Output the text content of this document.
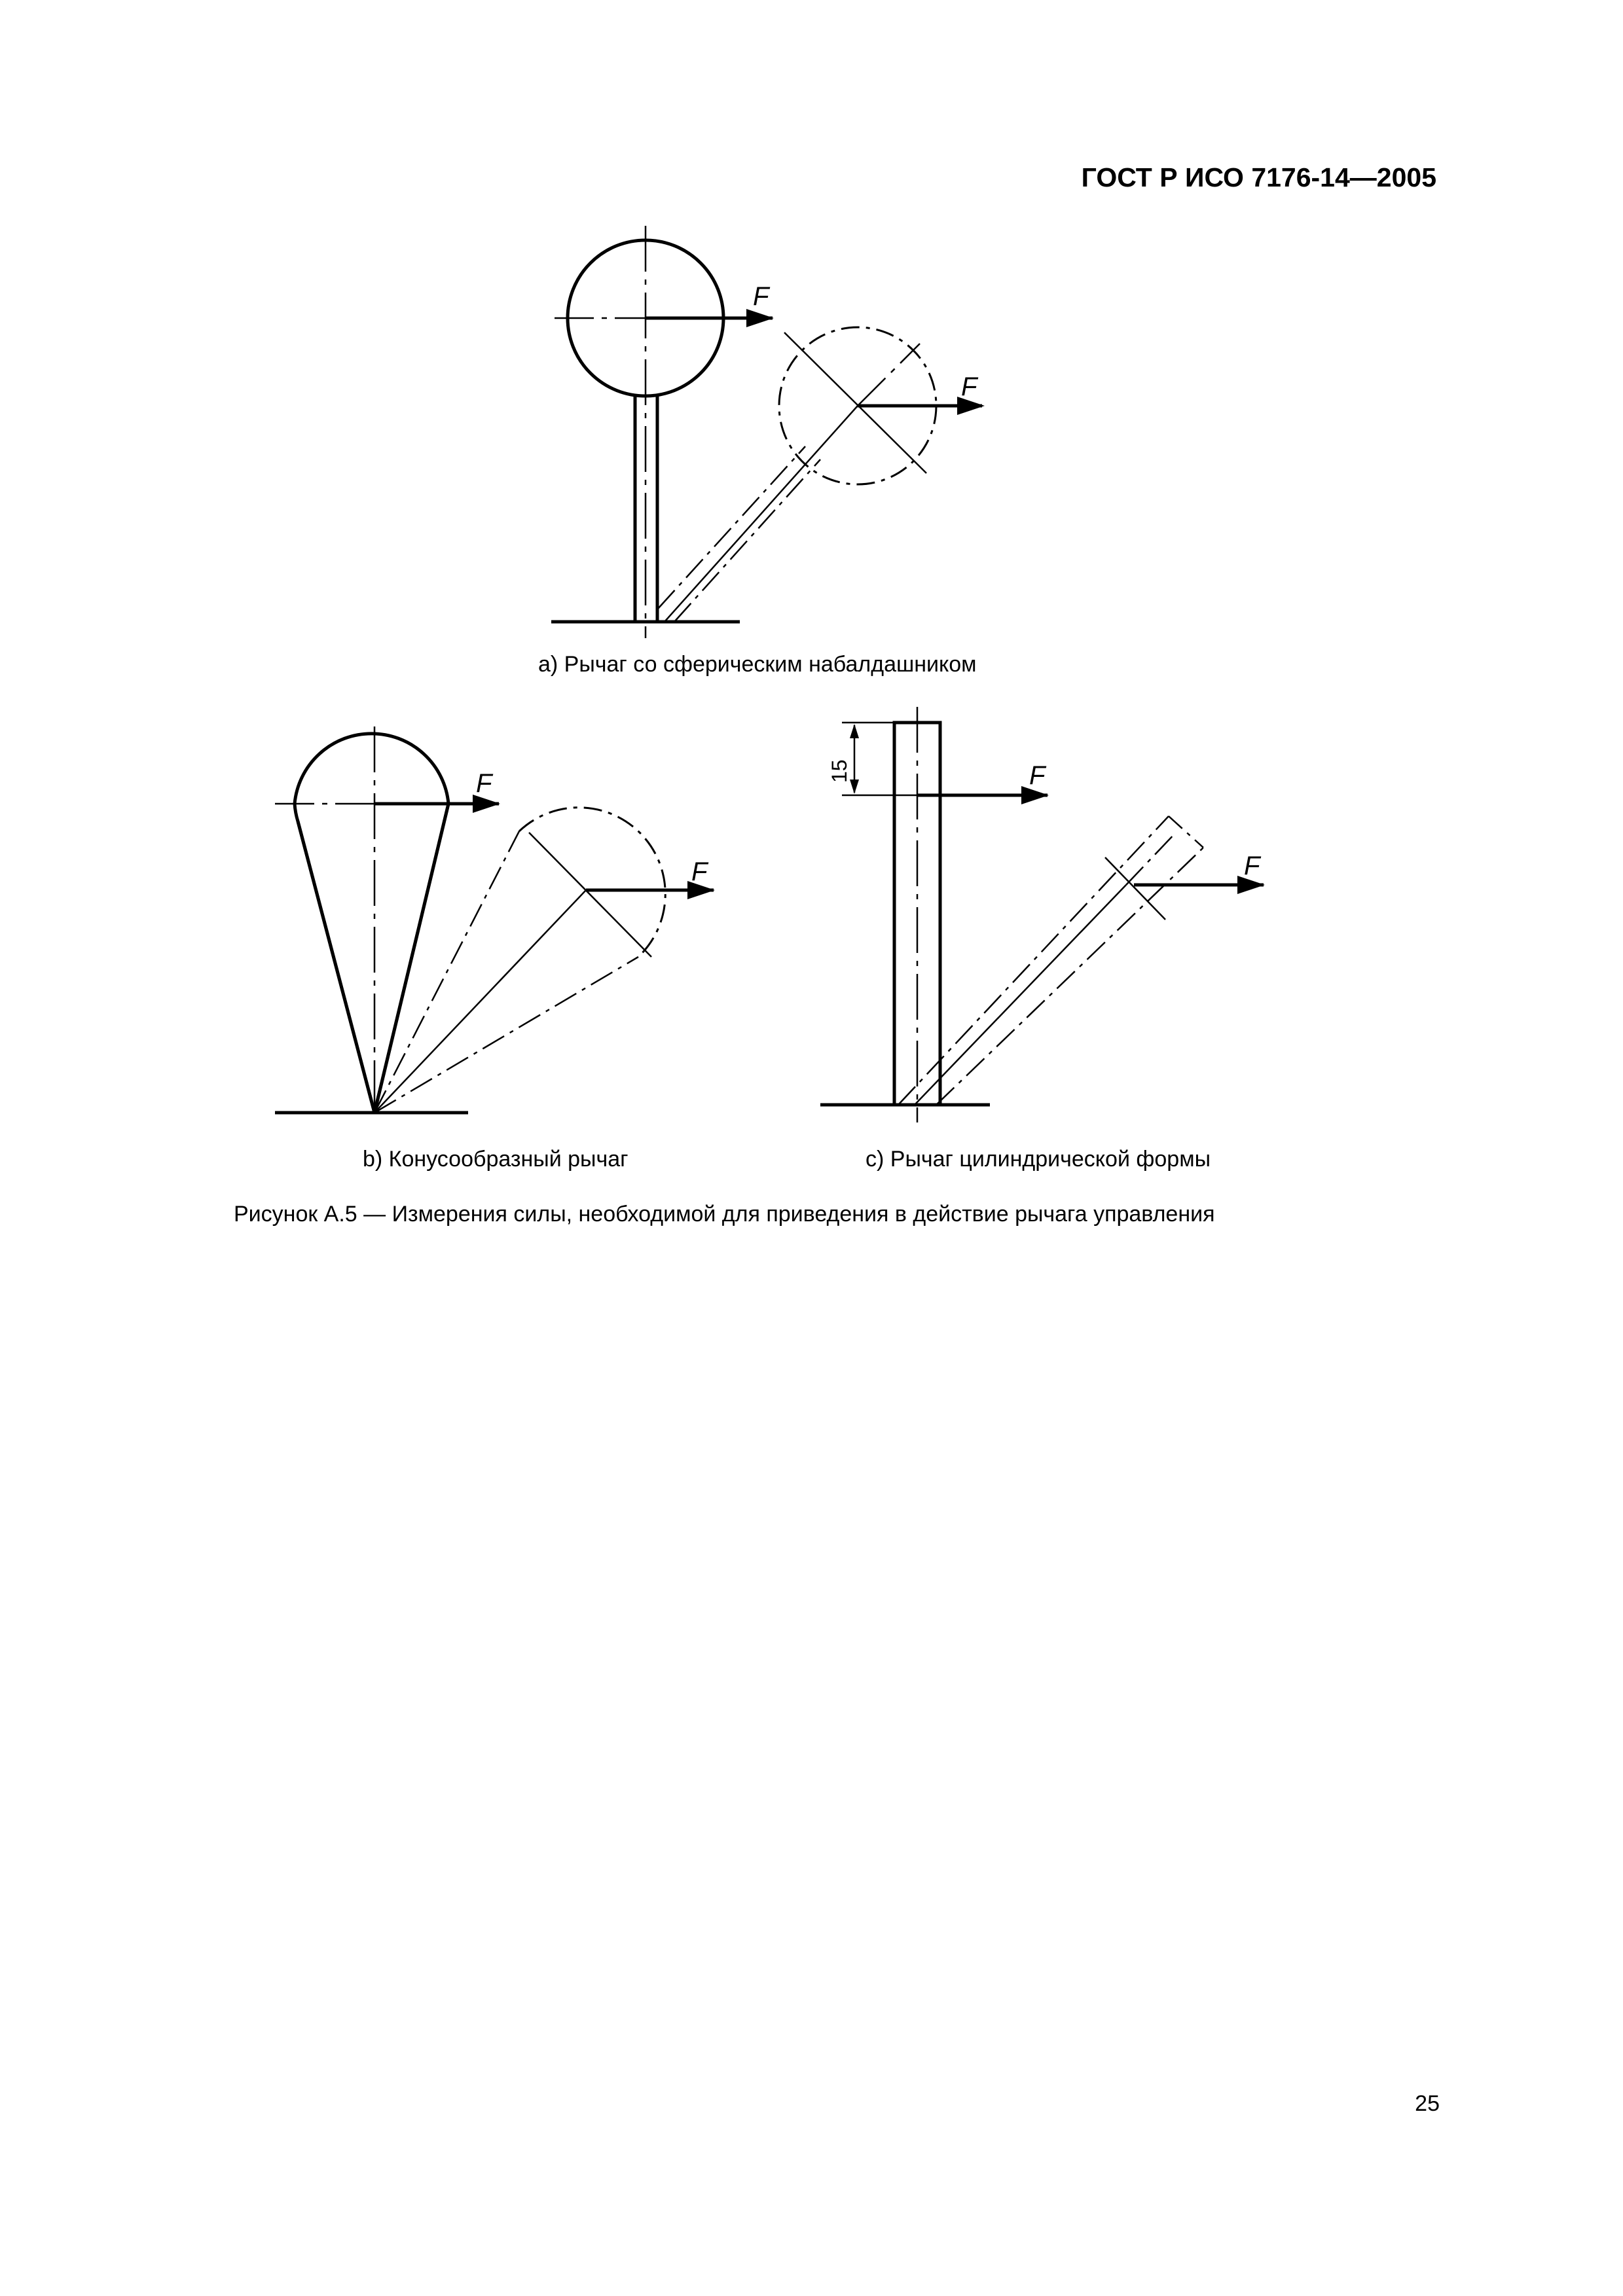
ГОСТ Р ИСО 7176-14—2005
F
F
F
F
15	F
F
а) Рычаг со сферическим набалдашником
b) Конусообразный рычаг	с) Рычаг цилиндрической формы
Рисунок А.5 — Измерения силы, необходимой для приведения в действие рычага управления
25
